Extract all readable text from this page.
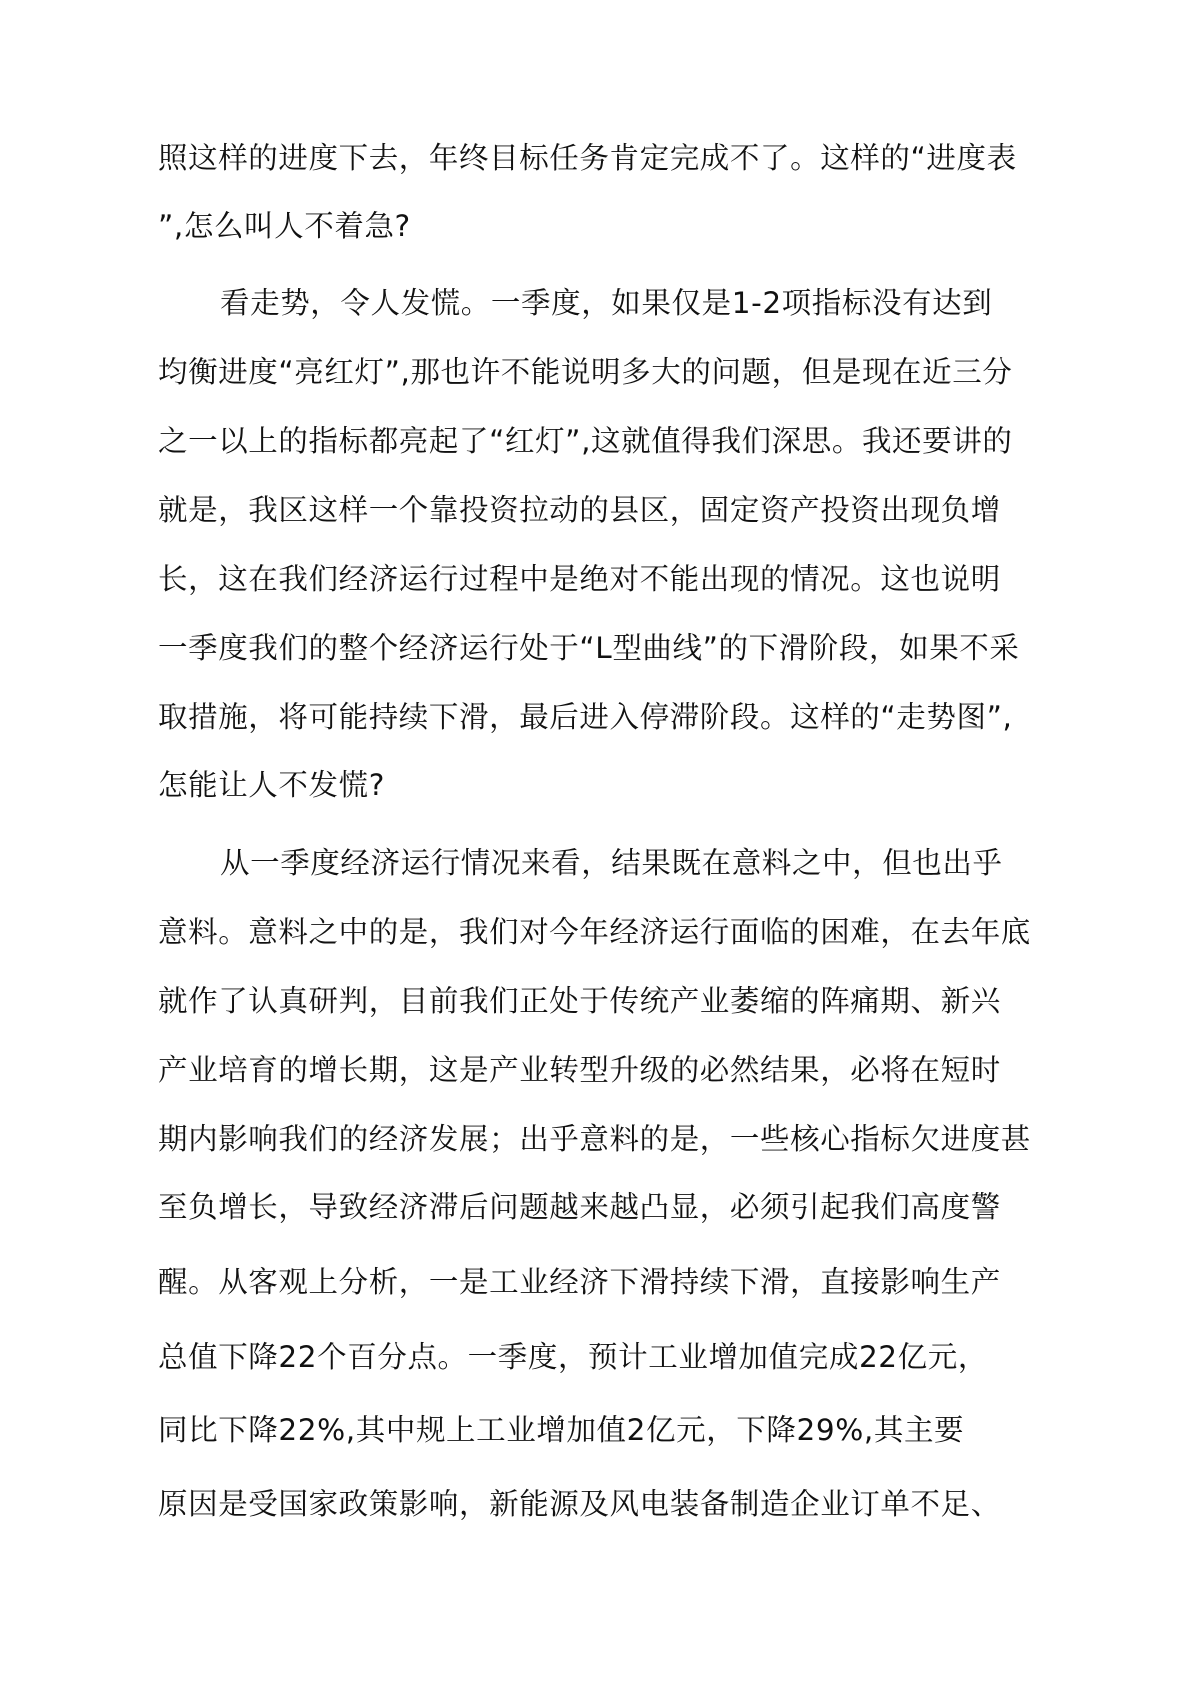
照这样的进度下去，年终目标任务肯定完成不了。这样的“进度表
”,怎么叫人不着急?
看走势，令人发慌。一季度，如果仅是1-2项指标没有达到
均衡进度“亮红灯”,那也许不能说明多大的问题，但是现在近三分
之一以上的指标都亮起了“红灯”,这就值得我们深思。我还要讲的
就是，我区这样一个靠投资拉动的县区，固定资产投资出现负增
长，这在我们经济运行过程中是绝对不能出现的情况。这也说明
一季度我们的整个经济运行处于“L型曲线”的下滑阶段，如果不采
取措施，将可能持续下滑，最后进入停滞阶段。这样的“走势图”,
怎能让人不发慌?
从一季度经济运行情况来看，结果既在意料之中，但也出乎
意料。意料之中的是，我们对今年经济运行面临的困难，在去年底
就作了认真研判，目前我们正处于传统产业萎缩的阵痛期、新兴
产业培育的增长期，这是产业转型升级的必然结果，必将在短时
期内影响我们的经济发展；出乎意料的是，一些核心指标欠进度甚
至负增长，导致经济滞后问题越来越凸显，必须引起我们高度警
醒。从客观上分析，一是工业经济下滑持续下滑，直接影响生产
总值下降22个百分点。一季度，预计工业增加值完成22亿元，
同比下降22%,其中规上工业增加值2亿元，下降29%,其主要
原因是受国家政策影响，新能源及风电装备制造企业订单不足、
